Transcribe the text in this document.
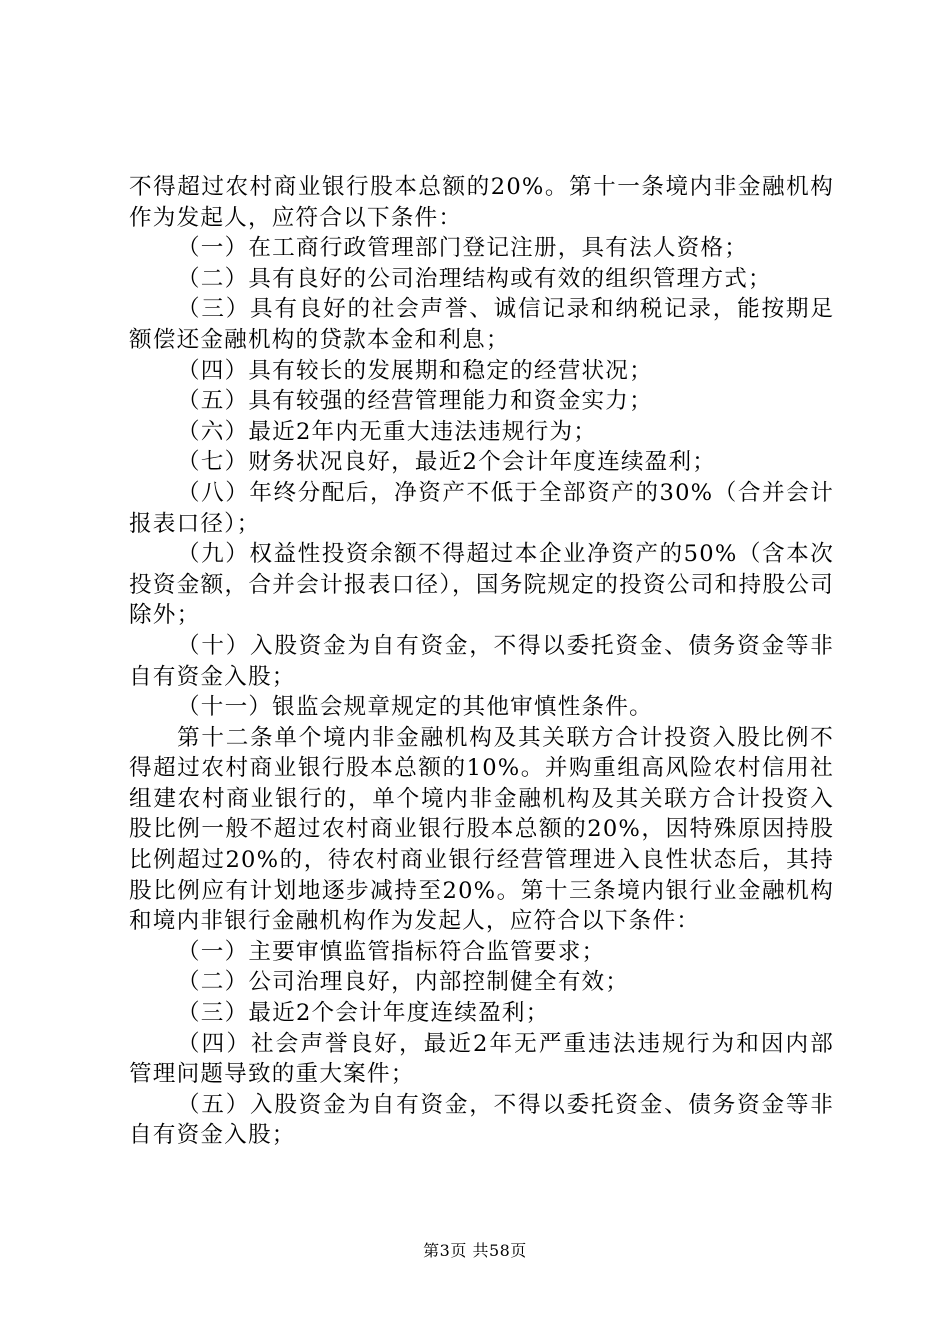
不得超过农村商业银行股本总额的20%。第十一条境内非金融机构作为发起人，应符合以下条件：

（一）在工商行政管理部门登记注册，具有法人资格；

（二）具有良好的公司治理结构或有效的组织管理方式；

（三）具有良好的社会声誉、诚信记录和纳税记录，能按期足额偿还金融机构的贷款本金和利息；

（四）具有较长的发展期和稳定的经营状况；

（五）具有较强的经营管理能力和资金实力；

（六）最近2年内无重大违法违规行为；

（七）财务状况良好，最近2个会计年度连续盈利；

（八）年终分配后，净资产不低于全部资产的30%（合并会计报表口径）；

（九）权益性投资余额不得超过本企业净资产的50%（含本次投资金额，合并会计报表口径），国务院规定的投资公司和持股公司除外；

（十）入股资金为自有资金，不得以委托资金、债务资金等非自有资金入股；

（十一）银监会规章规定的其他审慎性条件。

第十二条单个境内非金融机构及其关联方合计投资入股比例不得超过农村商业银行股本总额的10%。并购重组高风险农村信用社组建农村商业银行的，单个境内非金融机构及其关联方合计投资入股比例一般不超过农村商业银行股本总额的20%，因特殊原因持股比例超过20%的，待农村商业银行经营管理进入良性状态后，其持股比例应有计划地逐步减持至20%。第十三条境内银行业金融机构和境内非银行金融机构作为发起人，应符合以下条件：

（一）主要审慎监管指标符合监管要求；

（二）公司治理良好，内部控制健全有效；

（三）最近2个会计年度连续盈利；

（四）社会声誉良好，最近2年无严重违法违规行为和因内部管理问题导致的重大案件；

（五）入股资金为自有资金，不得以委托资金、债务资金等非自有资金入股；

第3页 共58页
